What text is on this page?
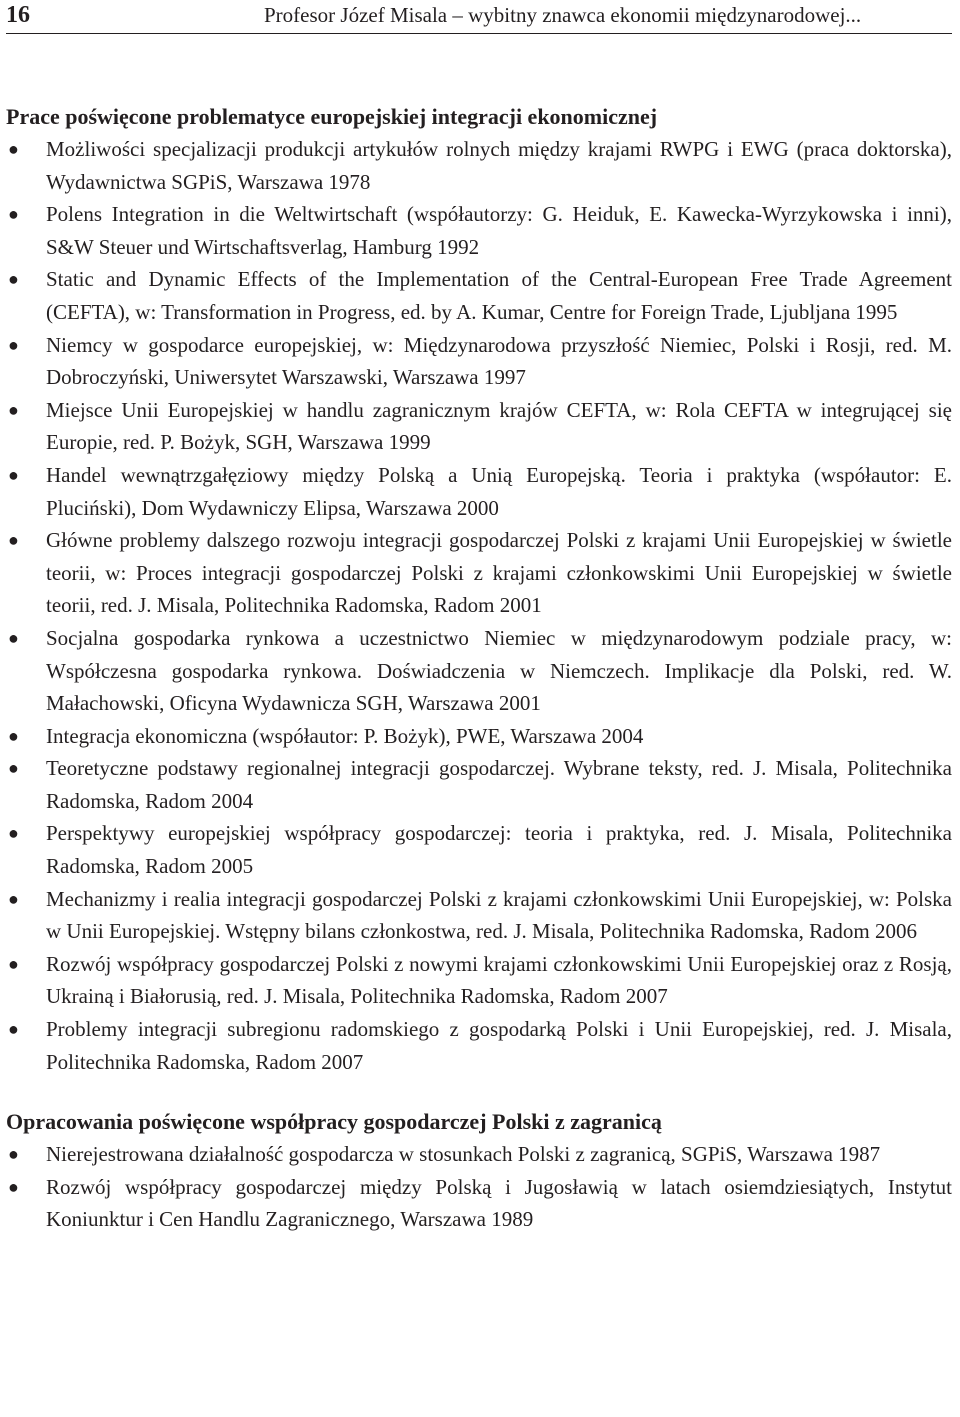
16	Profesor Józef Misala – wybitny znawca ekonomii międzynarodowej...
Prace poświęcone problematyce europejskiej integracji ekonomicznej
● Możliwości specjalizacji produkcji artykułów rolnych między krajami RWPG i EWG (praca doktorska), Wydawnictwa SGPiS, Warszawa 1978
● Polens Integration in die Weltwirtschaft (współautorzy: G. Heiduk, E. Kawecka-Wyrzykowska i inni), S&W Steuer und Wirtschaftsverlag, Hamburg 1992
● Static and Dynamic Effects of the Implementation of the Central-European Free Trade Agreement (CEFTA), w: Transformation in Progress, ed. by A. Kumar, Centre for Foreign Trade, Ljubljana 1995
● Niemcy w gospodarce europejskiej, w: Międzynarodowa przyszłość Niemiec, Polski i Rosji, red. M. Dobroczyński, Uniwersytet Warszawski, Warszawa 1997
● Miejsce Unii Europejskiej w handlu zagranicznym krajów CEFTA, w: Rola CEFTA w integrującej się Europie, red. P. Bożyk, SGH, Warszawa 1999
● Handel wewnątrzgałęziowy między Polską a Unią Europejską. Teoria i praktyka (współautor: E. Pluciński), Dom Wydawniczy Elipsa, Warszawa 2000
● Główne problemy dalszego rozwoju integracji gospodarczej Polski z krajami Unii Europejskiej w świetle teorii, w: Proces integracji gospodarczej Polski z krajami członkowskimi Unii Europejskiej w świetle teorii, red. J. Misala, Politechnika Radomska, Radom 2001
● Socjalna gospodarka rynkowa a uczestnictwo Niemiec w międzynarodowym podziale pracy, w: Współczesna gospodarka rynkowa. Doświadczenia w Niemczech. Implikacje dla Polski, red. W. Małachowski, Oficyna Wydawnicza SGH, Warszawa 2001
● Integracja ekonomiczna (współautor: P. Bożyk), PWE, Warszawa 2004
● Teoretyczne podstawy regionalnej integracji gospodarczej. Wybrane teksty, red. J. Misala, Politechnika Radomska, Radom 2004
● Perspektywy europejskiej współpracy gospodarczej: teoria i praktyka, red. J. Misala, Politechnika Radomska, Radom 2005
● Mechanizmy i realia integracji gospodarczej Polski z krajami członkowskimi Unii Europejskiej, w: Polska w Unii Europejskiej. Wstępny bilans członkostwa, red. J. Misala, Politechnika Radomska, Radom 2006
● Rozwój współpracy gospodarczej Polski z nowymi krajami członkowskimi Unii Europejskiej oraz z Rosją, Ukrainą i Białorusią, red. J. Misala, Politechnika Radomska, Radom 2007
● Problemy integracji subregionu radomskiego z gospodarką Polski i Unii Europejskiej, red. J. Misala, Politechnika Radomska, Radom 2007
Opracowania poświęcone współpracy gospodarczej Polski z zagranicą
● Nierejestrowana działalność gospodarcza w stosunkach Polski z zagranicą, SGPiS, Warszawa 1987
● Rozwój współpracy gospodarczej między Polską i Jugosławią w latach osiemdziesiątych, Instytut Koniunktur i Cen Handlu Zagranicznego, Warszawa 1989
